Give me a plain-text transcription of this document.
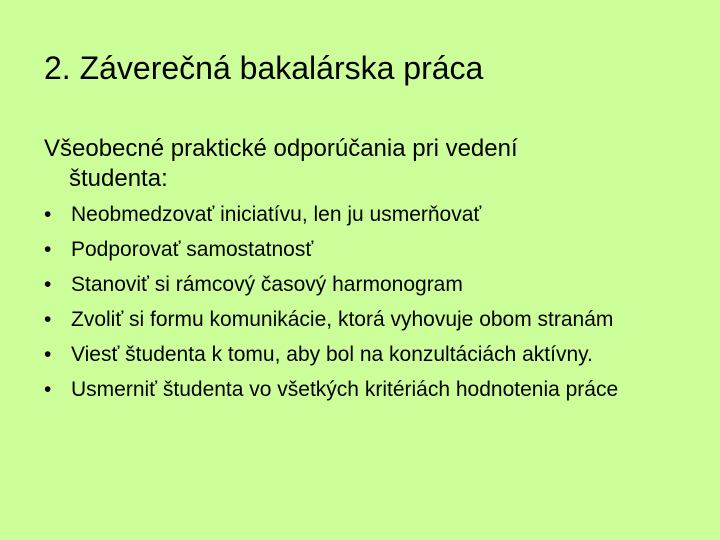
2. Záverečná bakalárska práca

Všeobecné praktické odporúčania pri vedení
študenta:

• Neobmedzovať iniciatívu, len ju usmerňovať
• Podporovať samostatnosť
• Stanoviť si rámcový časový harmonogram
• Zvoliť si formu komunikácie, ktorá vyhovuje obom stranám
• Viesť študenta k tomu, aby bol na konzultáciách aktívny.
• Usmerniť študenta vo všetkých kritériách hodnotenia práce
